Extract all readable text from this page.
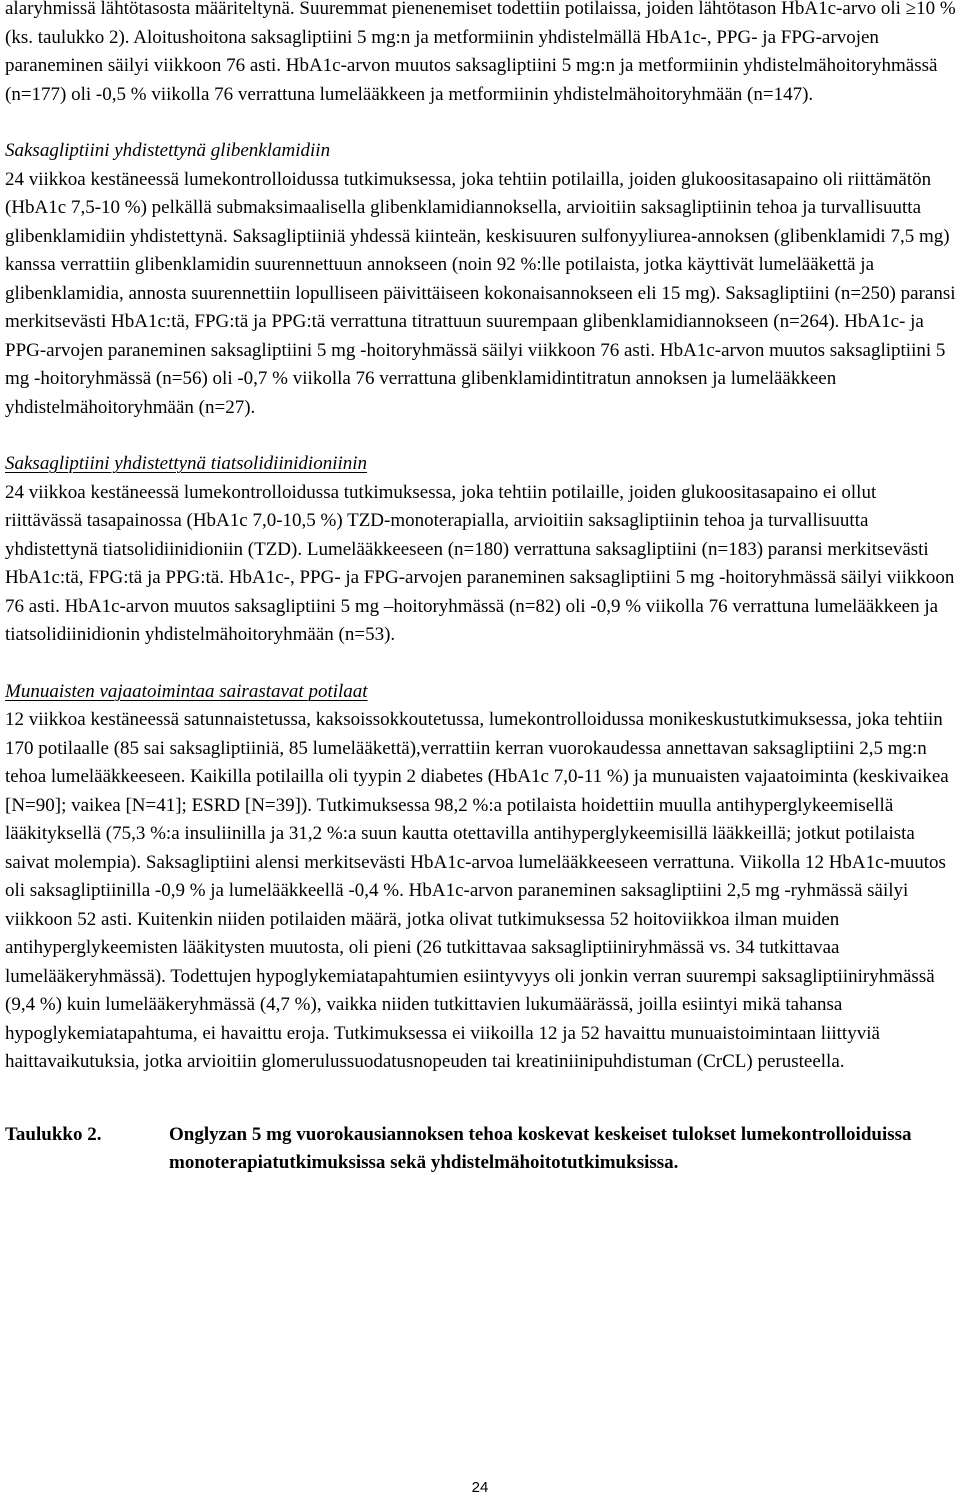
alaryhmissä lähtötasosta määriteltynä. Suuremmat pienenemiset todettiin potilaissa, joiden lähtötason HbA1c-arvo oli ≥10 % (ks. taulukko 2). Aloitushoitona saksagliptiini 5 mg:n ja metformiinin yhdistelmällä HbA1c-, PPG- ja FPG-arvojen paraneminen säilyi viikkoon 76 asti. HbA1c-arvon muutos saksagliptiini 5 mg:n ja metformiinin yhdistelmähoitoryhmässä (n=177) oli -0,5 % viikolla 76 verrattuna lumelääkkeen ja metformiinin yhdistelmähoitoryhmään (n=147).

Saksagliptiini yhdistettynä glibenklamidiin

24 viikkoa kestäneessä lumekontrolloidussa tutkimuksessa, joka tehtiin potilailla, joiden glukoositasapaino oli riittämätön (HbA1c 7,5-10 %) pelkällä submaksimaalisella glibenklamidiannoksella, arvioitiin saksagliptiinin tehoa ja turvallisuutta glibenklamidiin yhdistettynä. Saksagliptiiniä yhdessä kiinteän, keskisuuren sulfonyyliurea-annoksen (glibenklamidi 7,5 mg) kanssa verrattiin glibenklamidin suurennettuun annokseen (noin 92 %:lle potilaista, jotka käyttivät lumelääkettä ja glibenklamidia, annosta suurennettiin lopulliseen päivittäiseen kokonaisannokseen eli 15 mg). Saksagliptiini (n=250) paransi merkitsevästi HbA1c:tä, FPG:tä ja PPG:tä verrattuna titrattuun suurempaan glibenklamidiannokseen (n=264). HbA1c- ja PPG-arvojen paraneminen saksagliptiini 5 mg -hoitoryhmässä säilyi viikkoon 76 asti. HbA1c-arvon muutos saksagliptiini 5 mg -hoitoryhmässä (n=56) oli -0,7 % viikolla 76 verrattuna glibenklamidintitratun annoksen ja lumelääkkeen yhdistelmähoitoryhmään (n=27).

Saksagliptiini yhdistettynä tiatsolidiinidioniinin

24 viikkoa kestäneessä lumekontrolloidussa tutkimuksessa, joka tehtiin potilaille, joiden glukoositasapaino ei ollut riittävässä tasapainossa (HbA1c 7,0-10,5 %) TZD-monoterapialla, arvioitiin saksagliptiinin tehoa ja turvallisuutta yhdistettynä tiatsolidiinidioniin (TZD). Lumelääkkeeseen (n=180) verrattuna saksagliptiini (n=183) paransi merkitsevästi HbA1c:tä, FPG:tä ja PPG:tä. HbA1c-, PPG- ja FPG-arvojen paraneminen saksagliptiini 5 mg -hoitoryhmässä säilyi viikkoon 76 asti. HbA1c-arvon muutos saksagliptiini 5 mg –hoitoryhmässä (n=82) oli -0,9 % viikolla 76 verrattuna lumelääkkeen ja tiatsolidiinidionin yhdistelmähoitoryhmään (n=53).

Munuaisten vajaatoimintaa sairastavat potilaat

12 viikkoa kestäneessä satunnaistetussa, kaksoissokkoutetussa, lumekontrolloidussa monikeskustutkimuksessa, joka tehtiin 170 potilaalle (85 sai saksagliptiiniä, 85 lumelääkettä),verrattiin kerran vuorokaudessa annettavan saksagliptiini 2,5 mg:n tehoa lumelääkkeeseen. Kaikilla potilailla oli tyypin 2 diabetes (HbA1c 7,0-11 %) ja munuaisten vajaatoiminta (keskivaikea [N=90]; vaikea [N=41]; ESRD [N=39]). Tutkimuksessa 98,2 %:a potilaista hoidettiin muulla antihyperglykeemisellä lääkityksellä (75,3 %:a insuliinilla ja 31,2 %:a suun kautta otettavilla antihyperglykeemisillä lääkkeillä; jotkut potilaista saivat molempia). Saksagliptiini alensi merkitsevästi HbA1c-arvoa lumelääkkeeseen verrattuna. Viikolla 12 HbA1c-muutos oli saksagliptiinilla -0,9 % ja lumelääkkeellä -0,4 %. HbA1c-arvon paraneminen saksagliptiini 2,5 mg -ryhmässä säilyi viikkoon 52 asti. Kuitenkin niiden potilaiden määrä, jotka olivat tutkimuksessa 52 hoitoviikkoa ilman muiden antihyperglykeemisten lääkitysten muutosta, oli pieni (26 tutkittavaa saksagliptiiniryhmässä vs. 34 tutkittavaa lumelääkeryhmässä). Todettujen hypoglykemiatapahtumien esiintyvyys oli jonkin verran suurempi saksagliptiiniryhmässä (9,4 %) kuin lumelääkeryhmässä (4,7 %), vaikka niiden tutkittavien lukumäärässä, joilla esiintyi mikä tahansa hypoglykemiatapahtuma, ei havaittu eroja. Tutkimuksessa ei viikoilla 12 ja 52 havaittu munuaistoimintaan liittyviä haittavaikutuksia, jotka arvioitiin glomerulussuodatusnopeuden tai kreatiniinipuhdistuman (CrCL) perusteella.

Taulukko 2.	Onglyzan 5 mg vuorokausiannoksen tehoa koskevat keskeiset tulokset lumekontrolloiduissa monoterapiatutkimuksissa sekä yhdistelmähoitotutkimuksissa.
24
